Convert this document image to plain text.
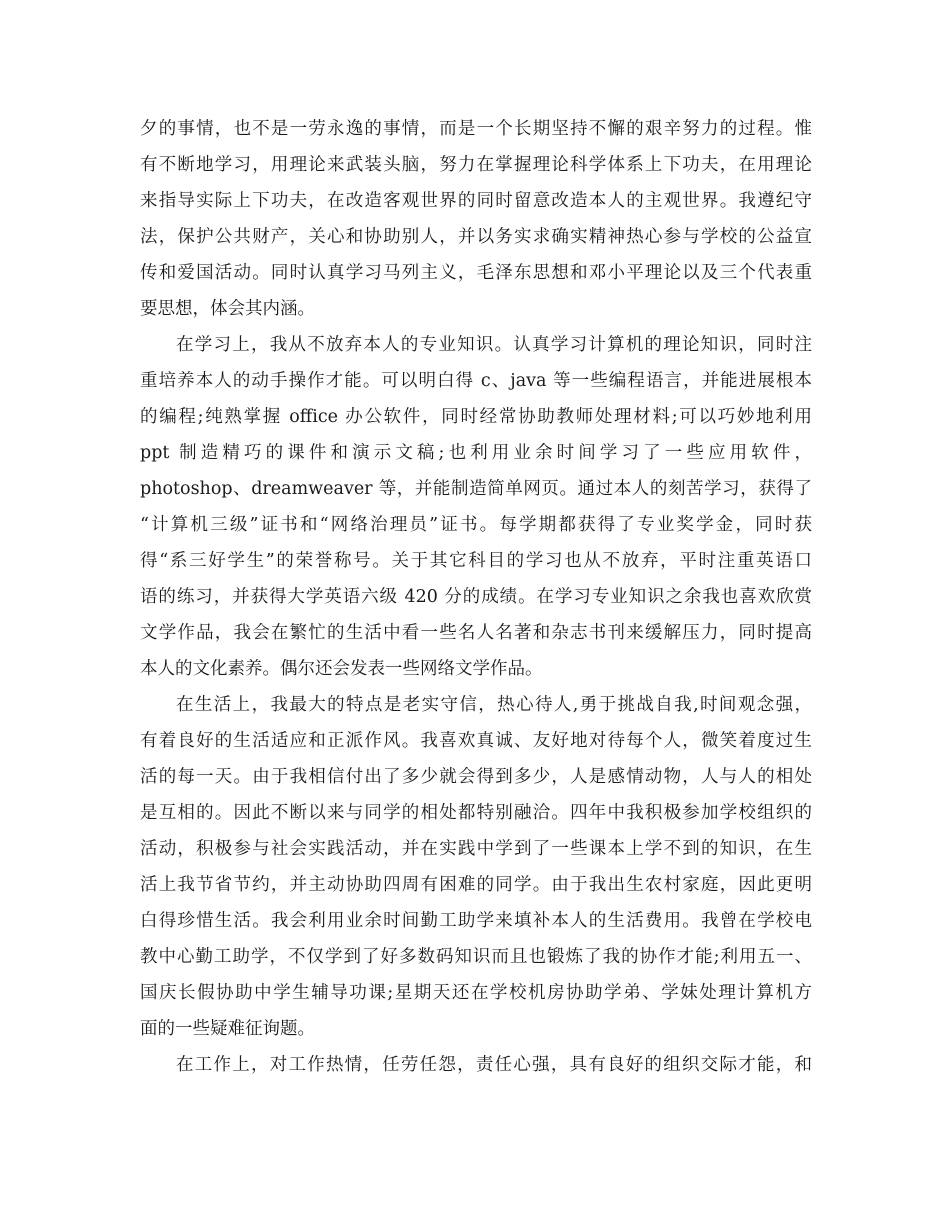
夕的事情，也不是一劳永逸的事情，而是一个长期坚持不懈的艰辛努力的过程。惟
有不断地学习，用理论来武装头脑，努力在掌握理论科学体系上下功夫，在用理论
来指导实际上下功夫，在改造客观世界的同时留意改造本人的主观世界。我遵纪守
法，保护公共财产，关心和协助别人，并以务实求确实精神热心参与学校的公益宣
传和爱国活动。同时认真学习马列主义，毛泽东思想和邓小平理论以及三个代表重
要思想，体会其内涵。
在学习上，我从不放弃本人的专业知识。认真学习计算机的理论知识，同时注
重培养本人的动手操作才能。可以明白得 c、java 等一些编程语言，并能进展根本
的编程;纯熟掌握 office 办公软件，同时经常协助教师处理材料;可以巧妙地利用
ppt 制造精巧的课件和演示文稿;也利用业余时间学习了一些应用软件，
photoshop、dreamweaver 等，并能制造简单网页。通过本人的刻苦学习，获得了
“计算机三级”证书和“网络治理员”证书。每学期都获得了专业奖学金，同时获
得“系三好学生”的荣誉称号。关于其它科目的学习也从不放弃，平时注重英语口
语的练习，并获得大学英语六级 420 分的成绩。在学习专业知识之余我也喜欢欣赏
文学作品，我会在繁忙的生活中看一些名人名著和杂志书刊来缓解压力，同时提高
本人的文化素养。偶尔还会发表一些网络文学作品。
在生活上，我最大的特点是老实守信，热心待人,勇于挑战自我,时间观念强，
有着良好的生活适应和正派作风。我喜欢真诚、友好地对待每个人，微笑着度过生
活的每一天。由于我相信付出了多少就会得到多少，人是感情动物，人与人的相处
是互相的。因此不断以来与同学的相处都特别融洽。四年中我积极参加学校组织的
活动，积极参与社会实践活动，并在实践中学到了一些课本上学不到的知识，在生
活上我节省节约，并主动协助四周有困难的同学。由于我出生农村家庭，因此更明
白得珍惜生活。我会利用业余时间勤工助学来填补本人的生活费用。我曾在学校电
教中心勤工助学，不仅学到了好多数码知识而且也锻炼了我的协作才能;利用五一、
国庆长假协助中学生辅导功课;星期天还在学校机房协助学弟、学妹处理计算机方
面的一些疑难征询题。
在工作上，对工作热情，任劳任怨，责任心强，具有良好的组织交际才能，和
